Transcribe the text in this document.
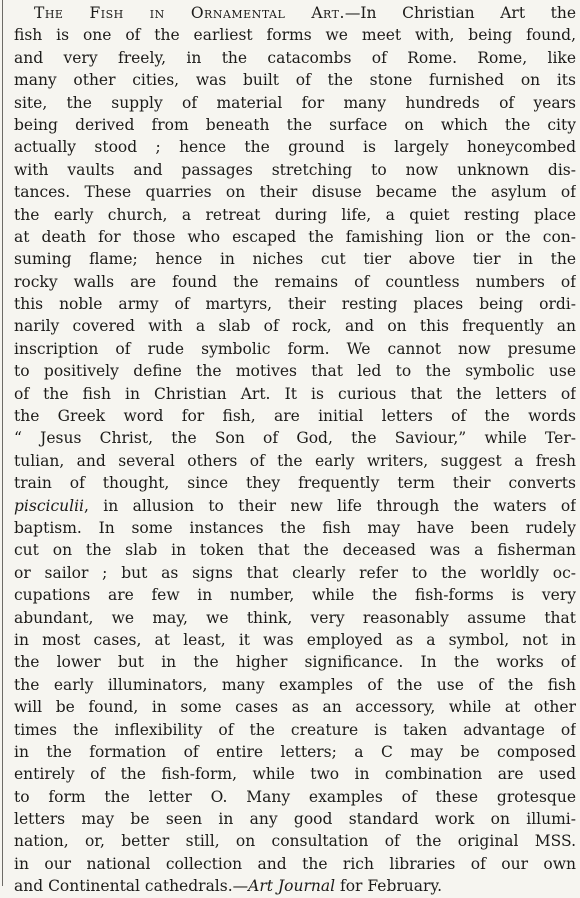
The Fish in Ornamental Art.—In Christian Art the
fish is one of the earliest forms we meet with, being found,
and very freely, in the catacombs of Rome. Rome, like
many other cities, was built of the stone furnished on its
site, the supply of material for many hundreds of years
being derived from beneath the surface on which the city
actually stood ; hence the ground is largely honeycombed
with vaults and passages stretching to now unknown dis-
tances. These quarries on their disuse became the asylum of
the early church, a retreat during life, a quiet resting place
at death for those who escaped the famishing lion or the con-
suming flame; hence in niches cut tier above tier in the
rocky walls are found the remains of countless numbers of
this noble army of martyrs, their resting places being ordi-
narily covered with a slab of rock, and on this frequently an
inscription of rude symbolic form. We cannot now presume
to positively define the motives that led to the symbolic use
of the fish in Christian Art. It is curious that the letters of
the Greek word for fish, are initial letters of the words
“ Jesus Christ, the Son of God, the Saviour,” while Ter-
tulian, and several others of the early writers, suggest a fresh
train of thought, since they frequently term their converts
pisciculii, in allusion to their new life through the waters of
baptism. In some instances the fish may have been rudely
cut on the slab in token that the deceased was a fisherman
or sailor ; but as signs that clearly refer to the worldly oc-
cupations are few in number, while the fish-forms is very
abundant, we may, we think, very reasonably assume that
in most cases, at least, it was employed as a symbol, not in
the lower but in the higher significance. In the works of
the early illuminators, many examples of the use of the fish
will be found, in some cases as an accessory, while at other
times the inflexibility of the creature is taken advantage of
in the formation of entire letters; a C may be composed
entirely of the fish-form, while two in combination are used
to form the letter O. Many examples of these grotesque
letters may be seen in any good standard work on illumi-
nation, or, better still, on consultation of the original MSS.
in our national collection and the rich libraries of our own
and Continental cathedrals.—Art Journal for February.
